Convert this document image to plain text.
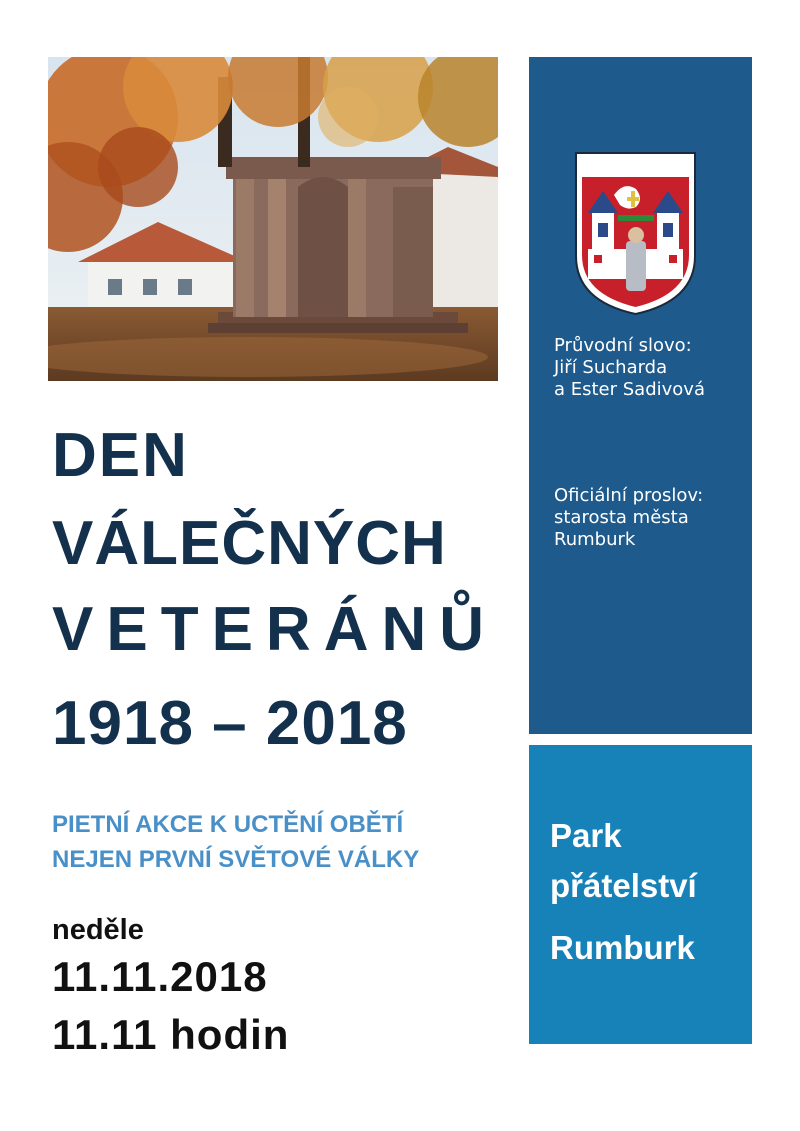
DEN
VÁLEČNÝCH
VETERÁNŮ
1918 – 2018
PIETNÍ AKCE K UCTĚNÍ OBĚTÍ
NEJEN PRVNÍ SVĚTOVÉ VÁLKY
neděle
11.11.2018
11.11 hodin
Průvodní slovo:
Jiří Sucharda
a Ester Sadivová
Oficiální proslov:
starosta města
Rumburk
Park
přátelství
Rumburk
